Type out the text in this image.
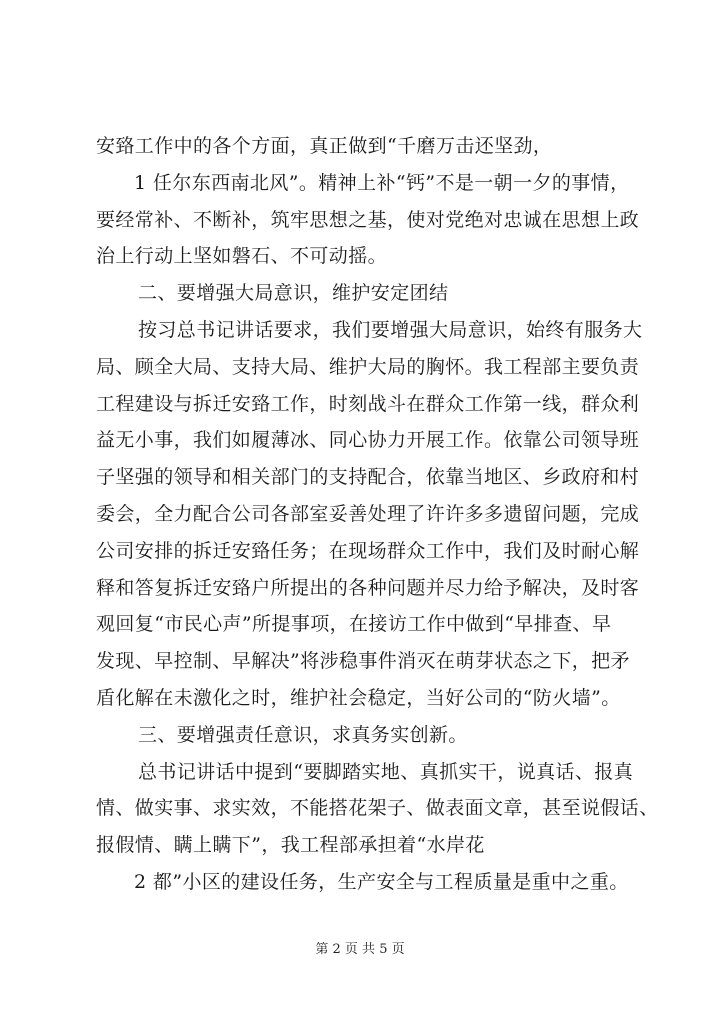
安臵工作中的各个方面，真正做到“千磨万击还坚劲，
1 任尔东西南北风”。精神上补“钙”不是一朝一夕的事情，
要经常补、不断补，筑牢思想之基，使对党绝对忠诚在思想上政
治上行动上坚如磐石、不可动摇。
二、要增强大局意识，维护安定团结
按习总书记讲话要求，我们要增强大局意识，始终有服务大
局、顾全大局、支持大局、维护大局的胸怀。我工程部主要负责
工程建设与拆迁安臵工作，时刻战斗在群众工作第一线，群众利
益无小事，我们如履薄冰、同心协力开展工作。依靠公司领导班
子坚强的领导和相关部门的支持配合，依靠当地区、乡政府和村
委会，全力配合公司各部室妥善处理了许许多多遗留问题，完成
公司安排的拆迁安臵任务；在现场群众工作中，我们及时耐心解
释和答复拆迁安臵户所提出的各种问题并尽力给予解决，及时客
观回复“市民心声”所提事项，在接访工作中做到“早排查、早
发现、早控制、早解决”将涉稳事件消灭在萌芽状态之下，把矛
盾化解在未激化之时，维护社会稳定，当好公司的“防火墙”。
三、要增强责任意识，求真务实创新。
总书记讲话中提到“要脚踏实地、真抓实干，说真话、报真
情、做实事、求实效，不能搭花架子、做表面文章，甚至说假话、
报假情、瞒上瞒下”，我工程部承担着“水岸花
2 都”小区的建设任务，生产安全与工程质量是重中之重。
第 2 页 共 5 页
